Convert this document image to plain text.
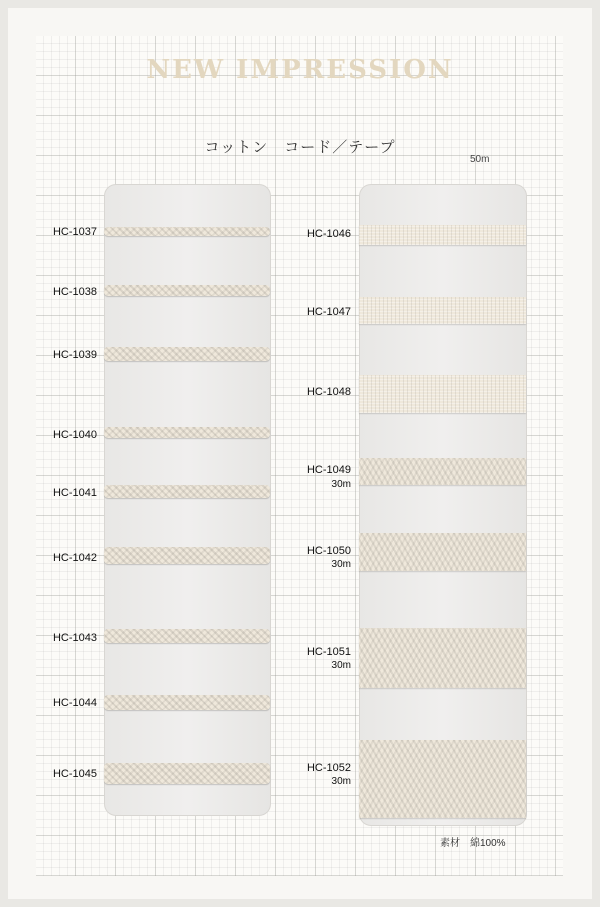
NEW IMPRESSION
コットン　コード／テープ
50m
HC-1037
HC-1038
HC-1039
HC-1040
HC-1041
HC-1042
HC-1043
HC-1044
HC-1045
HC-1046
HC-1047
HC-1048
HC-1049
30m
HC-1050
30m
HC-1051
30m
HC-1052
30m
素材　綿100%
